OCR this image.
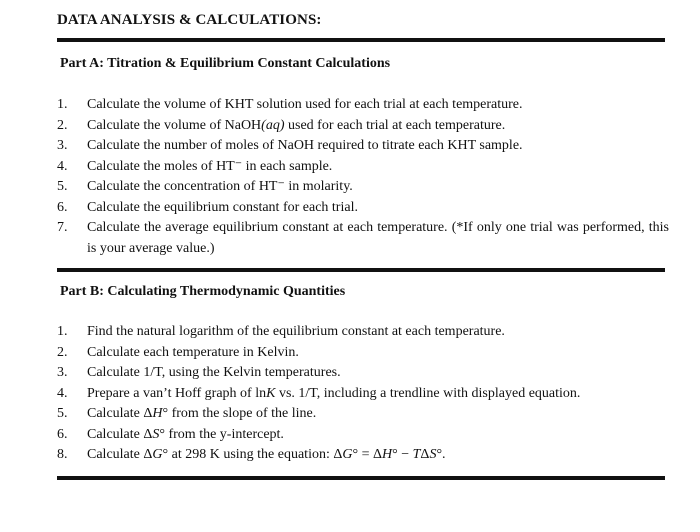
DATA ANALYSIS & CALCULATIONS:
Part A: Titration & Equilibrium Constant Calculations
1.	Calculate the volume of KHT solution used for each trial at each temperature.
2.	Calculate the volume of NaOH(aq) used for each trial at each temperature.
3.	Calculate the number of moles of NaOH required to titrate each KHT sample.
4.	Calculate the moles of HT⁻ in each sample.
5.	Calculate the concentration of HT⁻ in molarity.
6.	Calculate the equilibrium constant for each trial.
7.	Calculate the average equilibrium constant at each temperature. (*If only one trial was performed, this is your average value.)
Part B: Calculating Thermodynamic Quantities
1.	Find the natural logarithm of the equilibrium constant at each temperature.
2.	Calculate each temperature in Kelvin.
3.	Calculate 1/T, using the Kelvin temperatures.
4.	Prepare a van’t Hoff graph of lnK vs. 1/T, including a trendline with displayed equation.
5.	Calculate ΔH° from the slope of the line.
6.	Calculate ΔS° from the y-intercept.
8.	Calculate ΔG° at 298 K using the equation: ΔG° = ΔH° − TΔS°.
